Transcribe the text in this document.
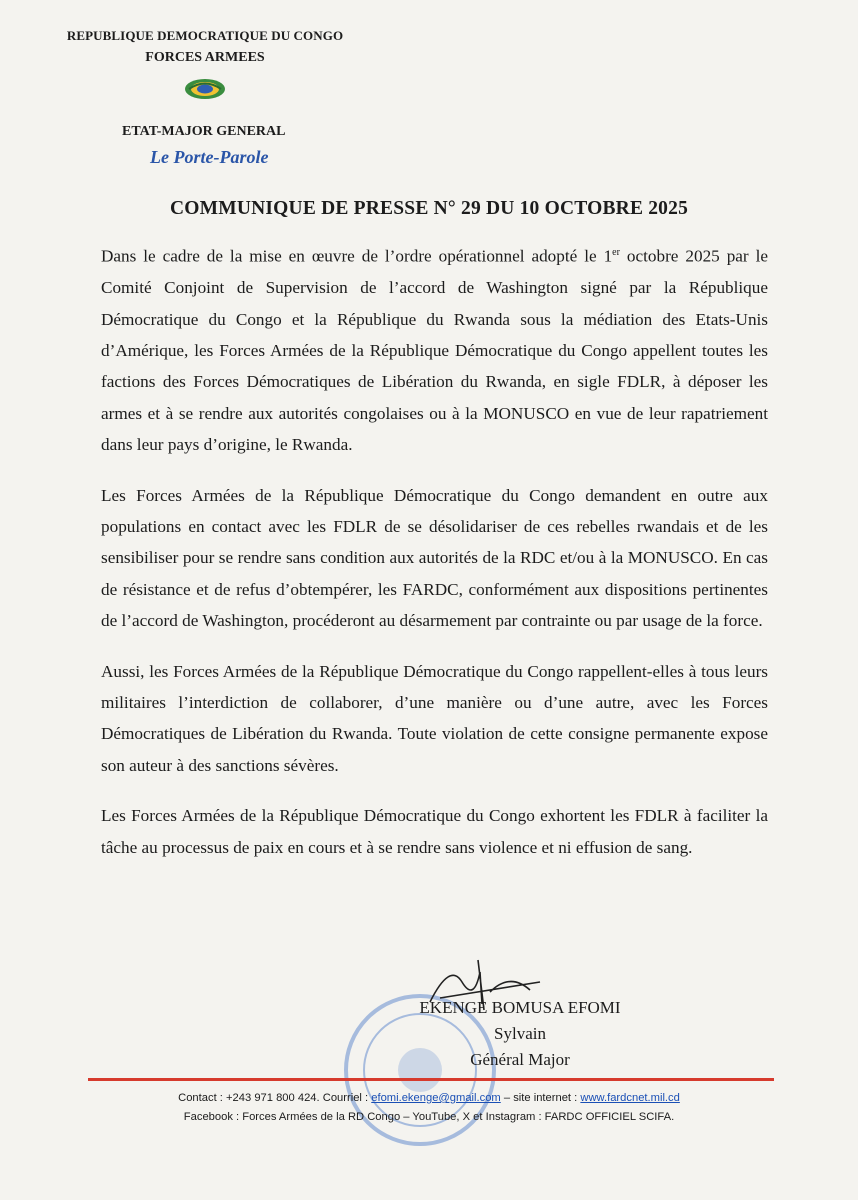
REPUBLIQUE DEMOCRATIQUE DU CONGO
FORCES ARMEES
ETAT-MAJOR GENERAL
Le Porte-Parole
COMMUNIQUE DE PRESSE N° 29 DU 10 OCTOBRE 2025

Dans le cadre de la mise en œuvre de l’ordre opérationnel adopté le 1er octobre 2025 par le Comité Conjoint de Supervision de l’accord de Washington signé par la République Démocratique du Congo et la République du Rwanda sous la médiation des Etats-Unis d’Amérique, les Forces Armées de la République Démocratique du Congo appellent toutes les factions des Forces Démocratiques de Libération du Rwanda, en sigle FDLR, à déposer les armes et à se rendre aux autorités congolaises ou à la MONUSCO en vue de leur rapatriement dans leur pays d’origine, le Rwanda.

Les Forces Armées de la République Démocratique du Congo demandent en outre aux populations en contact avec les FDLR de se désolidariser de ces rebelles rwandais et de les sensibiliser pour se rendre sans condition aux autorités de la RDC et/ou à la MONUSCO. En cas de résistance et de refus d’obtempérer, les FARDC, conformément aux dispositions pertinentes de l’accord de Washington, procéderont au désarmement par contrainte ou par usage de la force.

Aussi, les Forces Armées de la République Démocratique du Congo rappellent-elles à tous leurs militaires l’interdiction de collaborer, d’une manière ou d’une autre, avec les Forces Démocratiques de Libération du Rwanda. Toute violation de cette consigne permanente expose son auteur à des sanctions sévères.

Les Forces Armées de la République Démocratique du Congo exhortent les FDLR à faciliter la tâche au processus de paix en cours et à se rendre sans violence et ni effusion de sang.

EKENGE BOMUSA EFOMI Sylvain
Général Major
Contact : +243 971 800 424. Courriel : efomi.ekenge@gmail.com – site internet : www.fardcnet.mil.cd
Facebook : Forces Armées de la RD Congo – YouTube, X et Instagram : FARDC OFFICIEL SCIFA.
